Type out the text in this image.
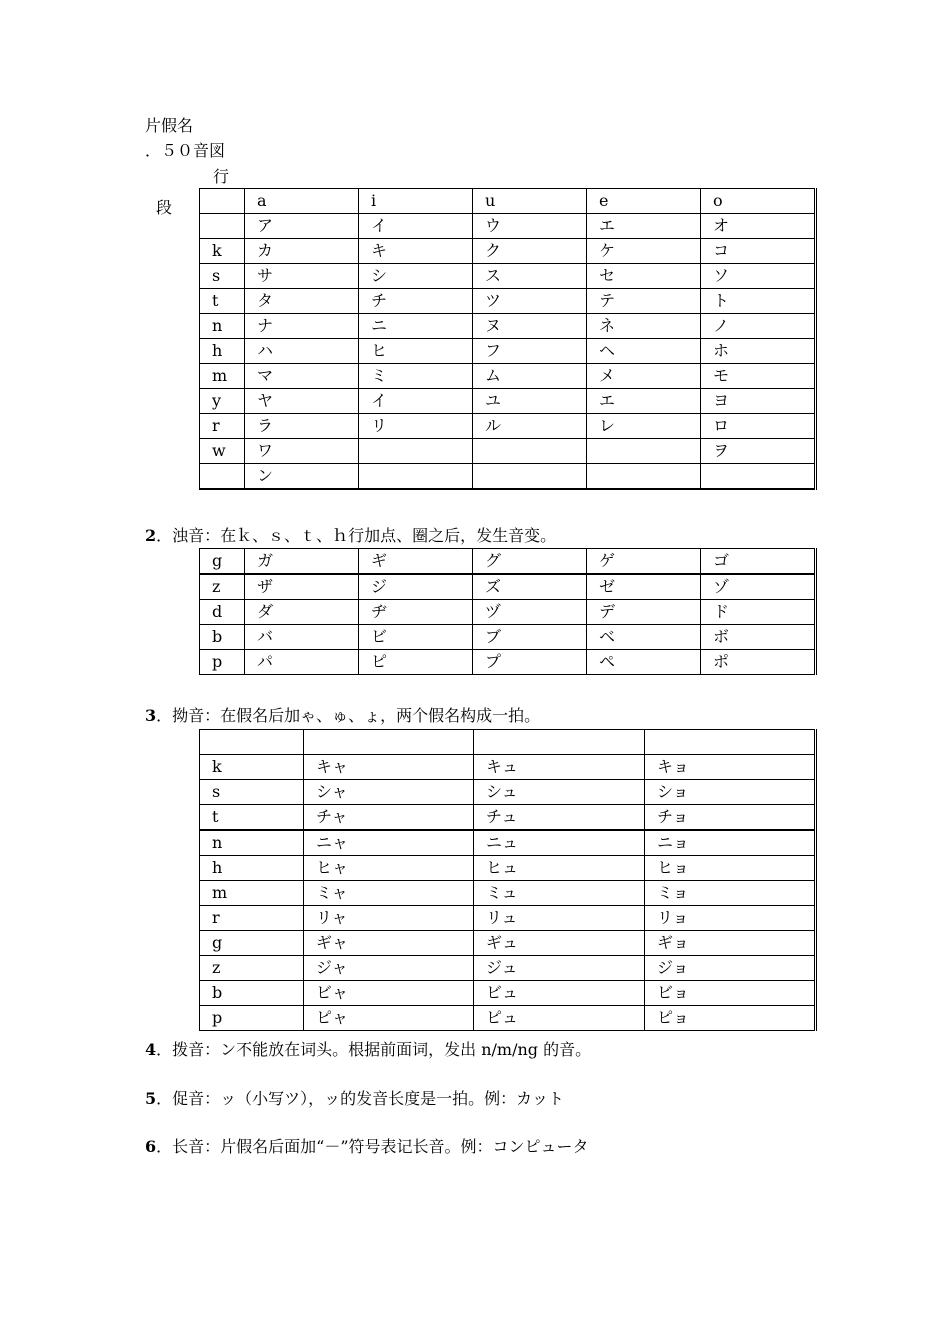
片假名
．５０音図
行
段
		a	i	u	e	o
	ア	イ	ウ	エ	オ
k	カ	キ	ク	ケ	コ
s	サ	シ	ス	セ	ソ
t	タ	チ	ツ	テ	ト
n	ナ	ニ	ヌ	ネ	ノ
h	ハ	ヒ	フ	ヘ	ホ
m	マ	ミ	ム	メ	モ
y	ヤ	イ	ユ	エ	ヨ
r	ラ	リ	ル	レ	ロ
w	ワ				ヲ
	ン				
2．浊音：在ｋ、ｓ、ｔ、ｈ行加点、圈之后，发生音变。
g	ガ	ギ	グ	ゲ	ゴ
z	ザ	ジ	ズ	ゼ	ゾ
d	ダ	ヂ	ヅ	デ	ド
b	バ	ビ	ブ	ベ	ボ
p	パ	ピ	プ	ペ	ポ
3．拗音：在假名后加ゃ、ゅ、ょ，两个假名构成一拍。

k	キャ	キュ	キョ
s	シャ	シュ	ショ
t	チャ	チュ	チョ
n	ニャ	ニュ	ニョ
h	ヒャ	ヒュ	ヒョ
m	ミャ	ミュ	ミョ
r	リャ	リュ	リョ
g	ギャ	ギュ	ギョ
z	ジャ	ジュ	ジョ
b	ビャ	ビュ	ビョ
p	ピャ	ピュ	ピョ
4．拨音：ン不能放在词头。根据前面词，发出 n/m/ng 的音。
5．促音：ッ（小写ツ），ッ的发音长度是一拍。例：カット
6．长音：片假名后面加“－”符号表记长音。例：コンピュータ
